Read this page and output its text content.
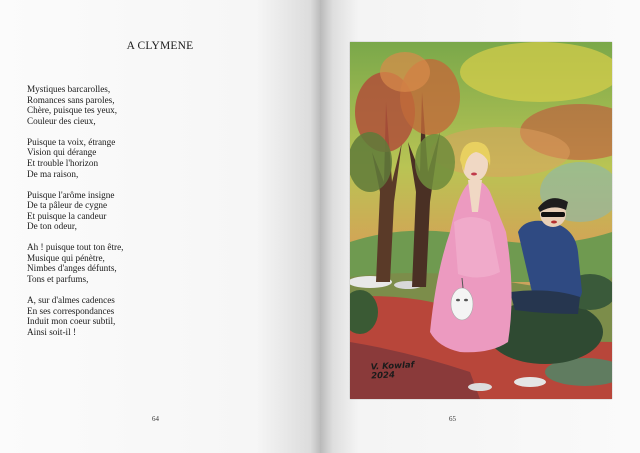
A CLYMENE
Mystiques barcarolles,
Romances sans paroles,
Chère, puisque tes yeux,
Couleur des cieux,
Puisque ta voix, étrange
Vision qui dérange
Et trouble l'horizon
De ma raison,
Puisque l'arôme insigne
De ta pâleur de cygne
Et puisque la candeur
De ton odeur,
Ah ! puisque tout ton être,
Musique qui pénètre,
Nimbes d'anges défunts,
Tons et parfums,
A, sur d'almes cadences
En ses correspondances
Induit mon coeur subtil,
Ainsi soit-il !
64	65
V. Kowlaf 2024
